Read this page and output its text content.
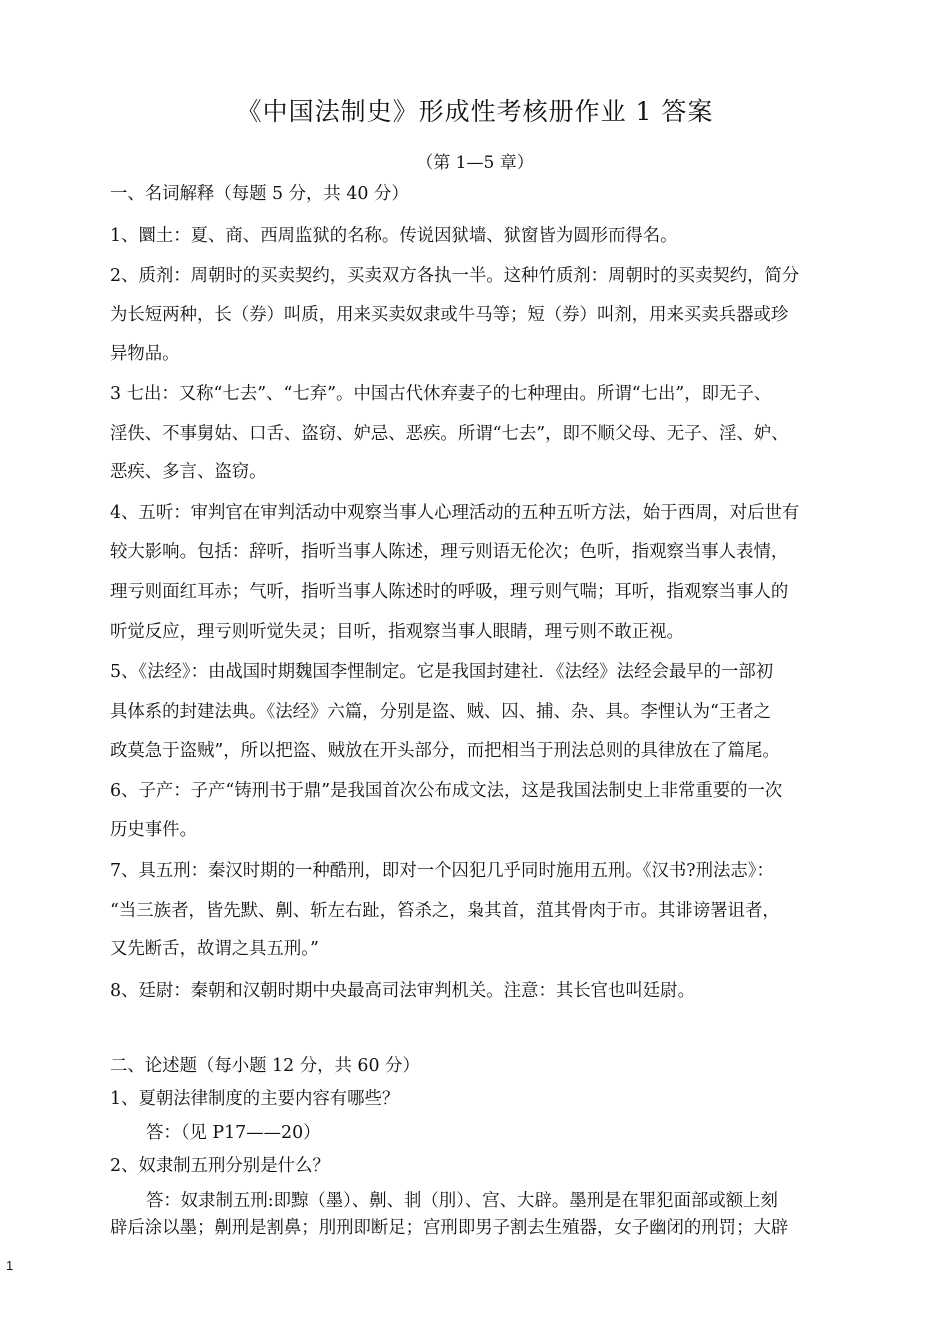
《中国法制史》形成性考核册作业 1 答案
（第 1—5 章）
一、名词解释（每题 5 分，共 40 分）
1、圜土：夏、商、西周监狱的名称。传说因狱墙、狱窗皆为圆形而得名。
2、质剂：周朝时的买卖契约，买卖双方各执一半。这种竹质剂：周朝时的买卖契约，简分
为长短两种，长（券）叫质，用来买卖奴隶或牛马等；短（券）叫剂，用来买卖兵器或珍
异物品。
3 七出：又称“七去”、“七弃”。中国古代休弃妻子的七种理由。所谓“七出”，即无子、
淫佚、不事舅姑、口舌、盗窃、妒忌、恶疾。所谓“七去”，即不顺父母、无子、淫、妒、
恶疾、多言、盗窃。
4、五听：审判官在审判活动中观察当事人心理活动的五种五听方法，始于西周，对后世有
较大影响。包括：辞听，指听当事人陈述，理亏则语无伦次；色听，指观察当事人表情，
理亏则面红耳赤；气听，指听当事人陈述时的呼吸，理亏则气喘；耳听，指观察当事人的
听觉反应，理亏则听觉失灵；目听，指观察当事人眼睛，理亏则不敢正视。
5、《法经》：由战国时期魏国李悝制定。它是我国封建社．《法经》法经会最早的一部初
具体系的封建法典。《法经》六篇，分别是盗、贼、囚、捕、杂、具。李悝认为“王者之
政莫急于盗贼”，所以把盗、贼放在开头部分，而把相当于刑法总则的具律放在了篇尾。
6、子产：子产“铸刑书于鼎”是我国首次公布成文法，这是我国法制史上非常重要的一次
历史事件。
7、具五刑：秦汉时期的一种酷刑，即对一个囚犯几乎同时施用五刑。《汉书?刑法志》：
“当三族者，皆先默、劓、斩左右趾，笞杀之，枭其首，菹其骨肉于市。其诽谤署诅者，
又先断舌，故谓之具五刑。”
8、廷尉：秦朝和汉朝时期中央最高司法审判机关。注意：其长官也叫廷尉。
二、论述题（每小题 12 分，共 60 分）
1、夏朝法律制度的主要内容有哪些？
答：（见 P17——20）
2、奴隶制五刑分别是什么？
答：奴隶制五刑:即黥（墨）、劓、剕（刖）、宫、大辟。墨刑是在罪犯面部或额上刻
辟后涂以墨；劓刑是割鼻；刖刑即断足；宫刑即男子割去生殖器，女子幽闭的刑罚；大辟
1
